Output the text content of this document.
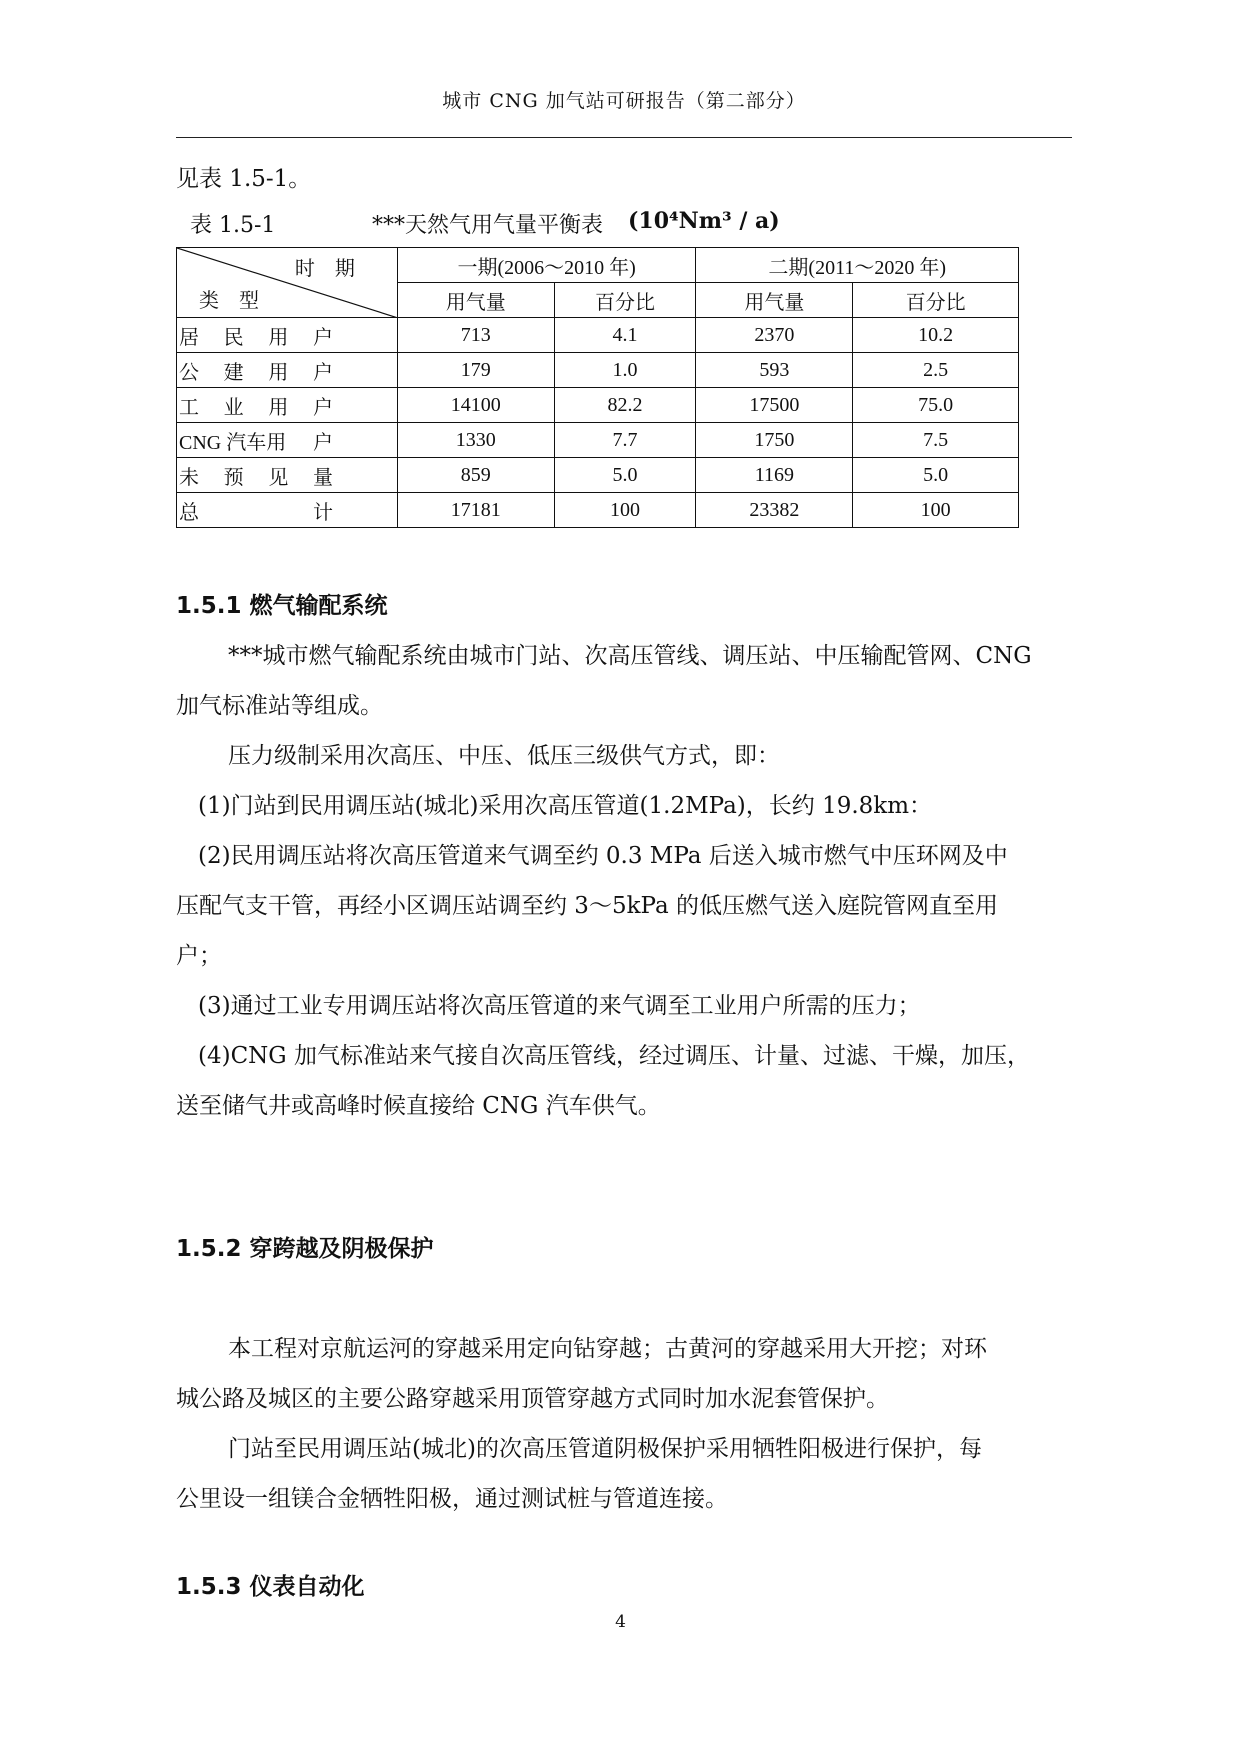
城市 CNG 加气站可研报告（第二部分）
见表 1.5-1。
表 1.5-1	***天然气用气量平衡表 (10⁴Nm³ / a)
时    期
类    型	一期(2006～2010 年)		二期(2011～2020 年)	
	用气量	百分比	用气量	百分比

居 民 用 户	713	4.1	2370	10.2

公 建 用 户	179	1.0	593	2.5

工 业 用 户	14100	82.2	17500	75.0

CNG 汽车用 户	1330	7.7	1750	7.5

未 预 见 量	859	5.0	1169	5.0

总 计	17181	100	23382	100
1.5.1 燃气输配系统
***城市燃气输配系统由城市门站、次高压管线、调压站、中压输配管网、CNG
加气标准站等组成。
压力级制采用次高压、中压、低压三级供气方式，即：
(1)门站到民用调压站(城北)采用次高压管道(1.2MPa)，长约 19.8km：
(2)民用调压站将次高压管道来气调至约 0.3 MPa 后送入城市燃气中压环网及中
压配气支干管，再经小区调压站调至约 3～5kPa 的低压燃气送入庭院管网直至用
户；
(3)通过工业专用调压站将次高压管道的来气调至工业用户所需的压力；
(4)CNG 加气标准站来气接自次高压管线，经过调压、计量、过滤、干燥，加压，
送至储气井或高峰时候直接给 CNG 汽车供气。
1.5.2 穿跨越及阴极保护
本工程对京航运河的穿越采用定向钻穿越；古黄河的穿越采用大开挖；对环
城公路及城区的主要公路穿越采用顶管穿越方式同时加水泥套管保护。
门站至民用调压站(城北)的次高压管道阴极保护采用牺牲阳极进行保护，每
公里设一组镁合金牺牲阳极，通过测试桩与管道连接。
1.5.3 仪表自动化
4
